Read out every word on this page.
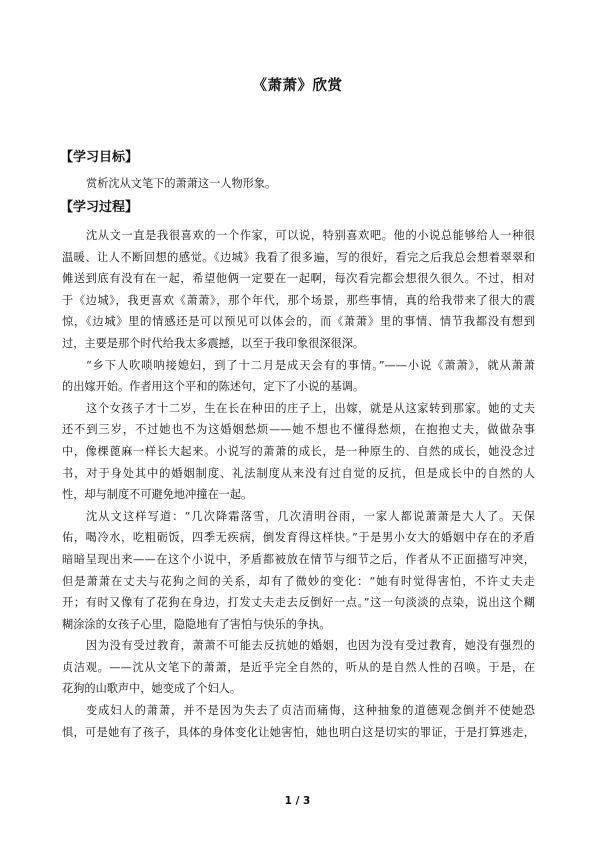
《萧萧》欣赏
【学习目标】
赏析沈从文笔下的萧萧这一人物形象。
【学习过程】
沈从文一直是我很喜欢的一个作家，可以说，特别喜欢吧。他的小说总能够给人一种很
温暖、让人不断回想的感觉。《边城》我看了很多遍，写的很好，看完之后我总会想着翠翠和
傩送到底有没有在一起，希望他俩一定要在一起啊，每次看完都会想很久很久。不过，相对
于《边城》，我更喜欢《萧萧》，那个年代，那个场景，那些事情，真的给我带来了很大的震
惊，《边城》里的情感还是可以预见可以体会的，而《萧萧》里的事情、情节我都没有想到
过，主要是那个时代给我太多震撼，以至于我印象很深很深。
“乡下人吹唢呐接媳妇，到了十二月是成天会有的事情。”——小说《萧萧》，就从萧萧
的出嫁开始。作者用这个平和的陈述句，定下了小说的基调。
这个女孩子才十二岁，生在长在种田的庄子上，出嫁，就是从这家转到那家。她的丈夫
还不到三岁，不过她也不为这婚姻愁烦——她不想也不懂得愁烦，在抱抱丈夫，做做杂事
中，像棵蓖麻一样长大起来。小说写的萧萧的成长，是一种原生的、自然的成长，她没念过
书，对于身处其中的婚姻制度、礼法制度从来没有过自觉的反抗，但是成长中的自然的人
性，却与制度不可避免地冲撞在一起。
沈从文这样写道：“几次降霜落雪，几次清明谷雨，一家人都说萧萧是大人了。天保
佑，喝冷水，吃粗砺饭，四季无疾病，倒发育得这样快。”于是男小女大的婚姻中存在的矛盾
暗暗呈现出来——在这个小说中，矛盾都被放在情节与细节之后，作者从不正面描写冲突，
但是萧萧在丈夫与花狗之间的关系，却有了微妙的变化：“她有时觉得害怕，不许丈夫走
开；有时又像有了花狗在身边，打发丈夫走去反倒好一点。”这一句淡淡的点染，说出这个糊
糊涂涂的女孩子心里，隐隐地有了害怕与快乐的争执。
因为没有受过教育，萧萧不可能去反抗她的婚姻，也因为没有受过教育，她没有强烈的
贞洁观。——沈从文笔下的萧萧，是近乎完全自然的，听从的是自然人性的召唤。于是，在
花狗的山歌声中，她变成了个妇人。
变成妇人的萧萧，并不是因为失去了贞洁而痛悔，这种抽象的道德观念倒并不使她恐
惧，可是她有了孩子，具体的身体变化让她害怕，她也明白这是切实的罪证，于是打算逃走，
1 / 3
